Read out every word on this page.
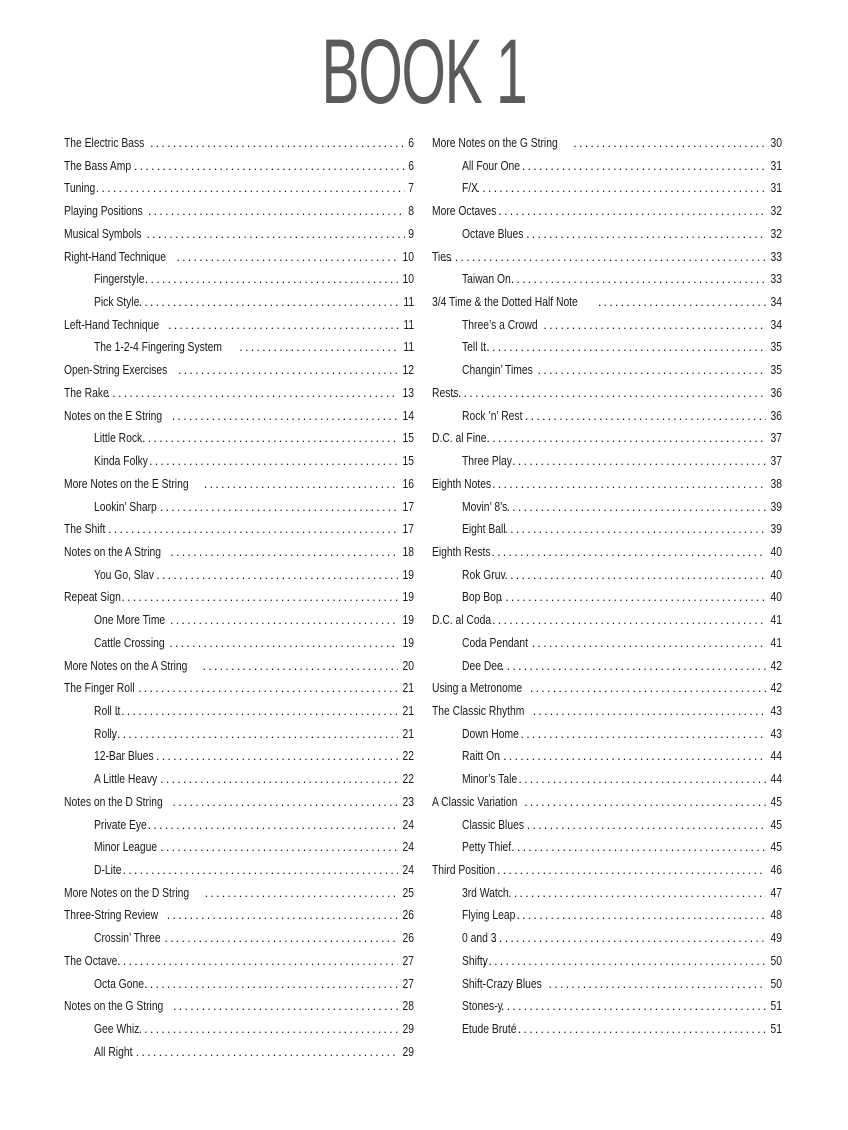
BOOK 1
The Electric Bass .....	6
The Bass Amp .....	6
Tuning .....	7
Playing Positions .....	8
Musical Symbols .....	9
Right-Hand Technique .....	10
Fingerstyle .....	10
Pick Style .....	11
Left-Hand Technique .....	11
The 1-2-4 Fingering System .....	11
Open-String Exercises .....	12
The Rake .....	13
Notes on the E String .....	14
Little Rock .....	15
Kinda Folky .....	15
More Notes on the E String .....	16
Lookin’ Sharp .....	17
The Shift .....	17
Notes on the A String .....	18
You Go, Slav .....	19
Repeat Sign .....	19
One More Time .....	19
Cattle Crossing .....	19
More Notes on the A String .....	20
The Finger Roll .....	21
Roll It .....	21
Rolly .....	21
12-Bar Blues .....	22
A Little Heavy .....	22
Notes on the D String .....	23
Private Eye .....	24
Minor League .....	24
D-Lite .....	24
More Notes on the D String .....	25
Three-String Review .....	26
Crossin’ Three .....	26
The Octave .....	27
Octa Gone .....	27
Notes on the G String .....	28
Gee Whiz .....	29
All Right .....	29
More Notes on the G String .....	30
All Four One .....	31
F/X .....	31
More Octaves .....	32
Octave Blues .....	32
Ties .....	33
Taiwan On .....	33
3/4 Time & the Dotted Half Note .....	34
Three’s a Crowd .....	34
Tell It .....	35
Changin’ Times .....	35
Rests .....	36
Rock ’n’ Rest .....	36
D.C. al Fine .....	37
Three Play .....	37
Eighth Notes .....	38
Movin’ 8’s .....	39
Eight Ball .....	39
Eighth Rests .....	40
Rok Gruv .....	40
Bop Bop .....	40
D.C. al Coda .....	41
Coda Pendant .....	41
Dee Dee .....	42
Using a Metronome .....	42
The Classic Rhythm .....	43
Down Home .....	43
Raitt On .....	44
Minor’s Tale .....	44
A Classic Variation .....	45
Classic Blues .....	45
Petty Thief .....	45
Third Position .....	46
3rd Watch .....	47
Flying Leap .....	48
0 and 3 .....	49
Shifty .....	50
Shift-Crazy Blues .....	50
Stones-y .....	51
Etude Bruté .....	51
